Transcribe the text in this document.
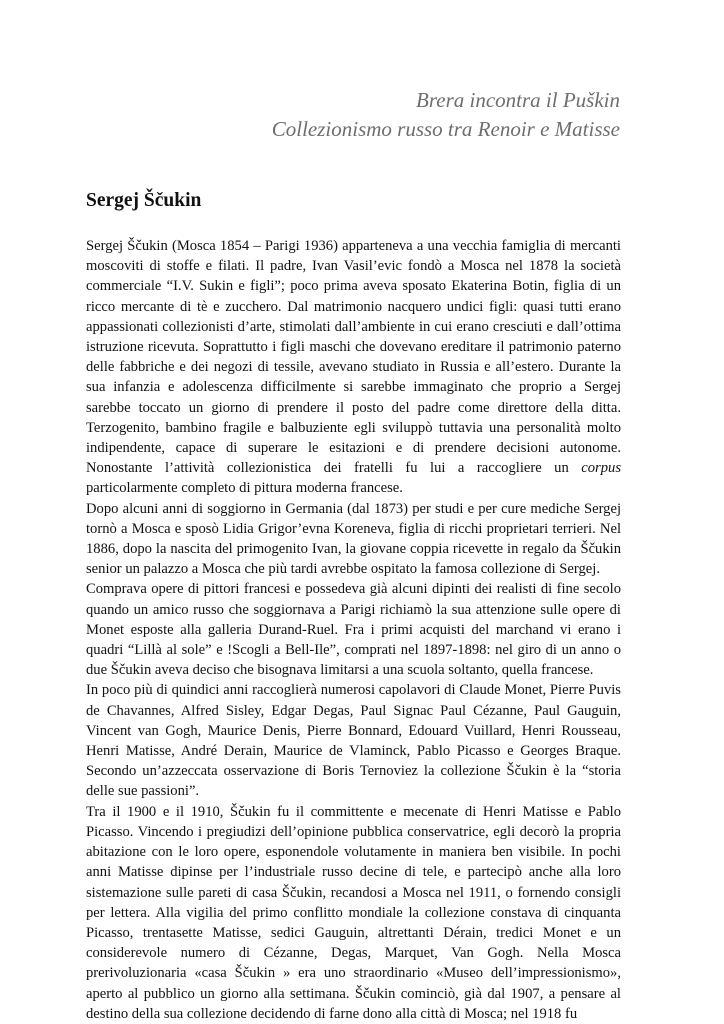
Brera incontra il Puškin
Collezionismo russo tra Renoir e Matisse
Sergej Ščukin

Sergej Ščukin (Mosca 1854 – Parigi 1936) apparteneva a una vecchia famiglia di mercanti moscoviti di stoffe e filati. Il padre, Ivan Vasil’evic fondò a Mosca nel 1878 la società commerciale “I.V. Sukin e figli”; poco prima aveva sposato Ekaterina Botin, figlia di un ricco mercante di tè e zucchero. Dal matrimonio nacquero undici figli: quasi tutti erano appassionati collezionisti d’arte, stimolati dall’ambiente in cui erano cresciuti e dall’ottima istruzione ricevuta. Soprattutto i figli maschi che dovevano ereditare il patrimonio paterno delle fabbriche e dei negozi di tessile, avevano studiato in Russia e all’estero. Durante la sua infanzia e adolescenza difficilmente si sarebbe immaginato che proprio a Sergej sarebbe toccato un giorno di prendere il posto del padre come direttore della ditta. Terzogenito, bambino fragile e balbuziente egli sviluppò tuttavia una personalità molto indipendente, capace di superare le esitazioni e di prendere decisioni autonome. Nonostante l’attività collezionistica dei fratelli fu lui a raccogliere un corpus particolarmente completo di pittura moderna francese.

Dopo alcuni anni di soggiorno in Germania (dal 1873) per studi e per cure mediche Sergej tornò a Mosca e sposò Lidia Grigor’evna Koreneva, figlia di ricchi proprietari terrieri. Nel 1886, dopo la nascita del primogenito Ivan, la giovane coppia ricevette in regalo da Ščukin senior un palazzo a Mosca che più tardi avrebbe ospitato la famosa collezione di Sergej.

Comprava opere di pittori francesi e possedeva già alcuni dipinti dei realisti di fine secolo quando un amico russo che soggiornava a Parigi richiamò la sua attenzione sulle opere di Monet esposte alla galleria Durand-Ruel. Fra i primi acquisti del marchand vi erano i quadri “Lillà al sole” e !Scogli a Bell-Ile”, comprati nel 1897-1898: nel giro di un anno o due Ščukin aveva deciso che bisognava limitarsi a una scuola soltanto, quella francese.

In poco più di quindici anni raccoglierà numerosi capolavori di Claude Monet, Pierre Puvis de Chavannes, Alfred Sisley, Edgar Degas, Paul Signac Paul Cézanne, Paul Gauguin, Vincent van Gogh, Maurice Denis, Pierre Bonnard, Edouard Vuillard, Henri Rousseau, Henri Matisse, André Derain, Maurice de Vlaminck, Pablo Picasso e Georges Braque. Secondo un’azzeccata osservazione di Boris Ternoviez la collezione Ščukin è la “storia delle sue passioni”.

Tra il 1900 e il 1910, Ščukin fu il committente e mecenate di Henri Matisse e Pablo Picasso. Vincendo i pregiudizi dell’opinione pubblica conservatrice, egli decorò la propria abitazione con le loro opere, esponendole volutamente in maniera ben visibile. In pochi anni Matisse dipinse per l’industriale russo decine di tele, e partecipò anche alla loro sistemazione sulle pareti di casa Ščukin, recandosi a Mosca nel 1911, o fornendo consigli per lettera. Alla vigilia del primo conflitto mondiale la collezione constava di cinquanta Picasso, trentasette Matisse, sedici Gauguin, altrettanti Dérain, tredici Monet e un considerevole numero di Cézanne, Degas, Marquet, Van Gogh. Nella Mosca prerivoluzionaria «casa Ščukin » era uno straordinario «Museo dell’impressionismo», aperto al pubblico un giorno alla settimana. Ščukin cominciò, già dal 1907, a pensare al destino della sua collezione decidendo di farne dono alla città di Mosca; nel 1918 fu
